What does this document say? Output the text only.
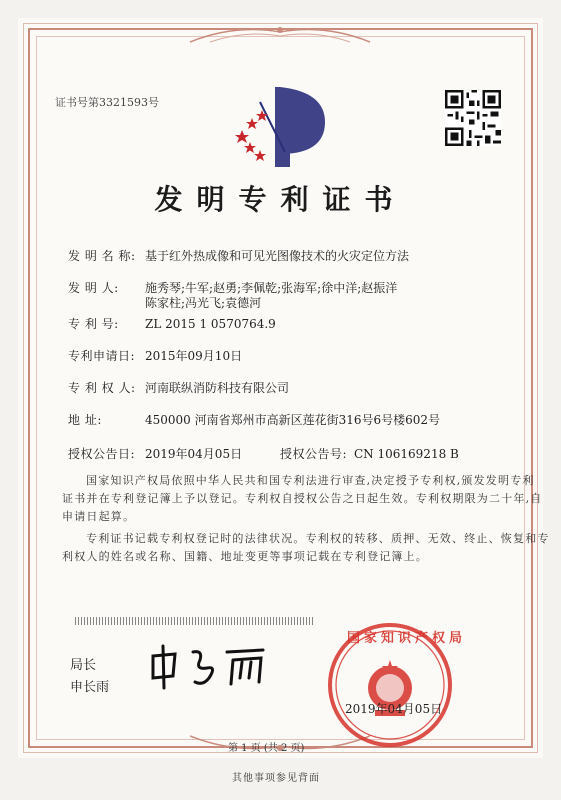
证书号第3321593号
发明专利证书
发 明 名 称: 基于红外热成像和可见光图像技术的火灾定位方法
发 明 人: 施秀琴;牛军;赵勇;李佩乾;张海军;徐中洋;赵振洋
陈家柱;冯光飞;袁德河
专 利 号: ZL 2015 1 0570764.9
专利申请日: 2015年09月10日
专 利 权 人: 河南联纵消防科技有限公司
地 址:	450000 河南省郑州市高新区莲花街316号6号楼602号
授权公告日: 2019年04月05日	授权公告号: CN 106169218 B
国家知识产权局依照中华人民共和国专利法进行审查,决定授予专利权,颁发发明专利
证书并在专利登记簿上予以登记。专利权自授权公告之日起生效。专利权期限为二十年,自
申请日起算。
专利证书记载专利权登记时的法律状况。专利权的转移、质押、无效、终止、恢复和专
利权人的姓名或名称、国籍、地址变更等事项记载在专利登记簿上。
局长
申长雨
国家知识产权局
2019年04月05日
第 1 页 (共 2 页)
其他事项参见背面
